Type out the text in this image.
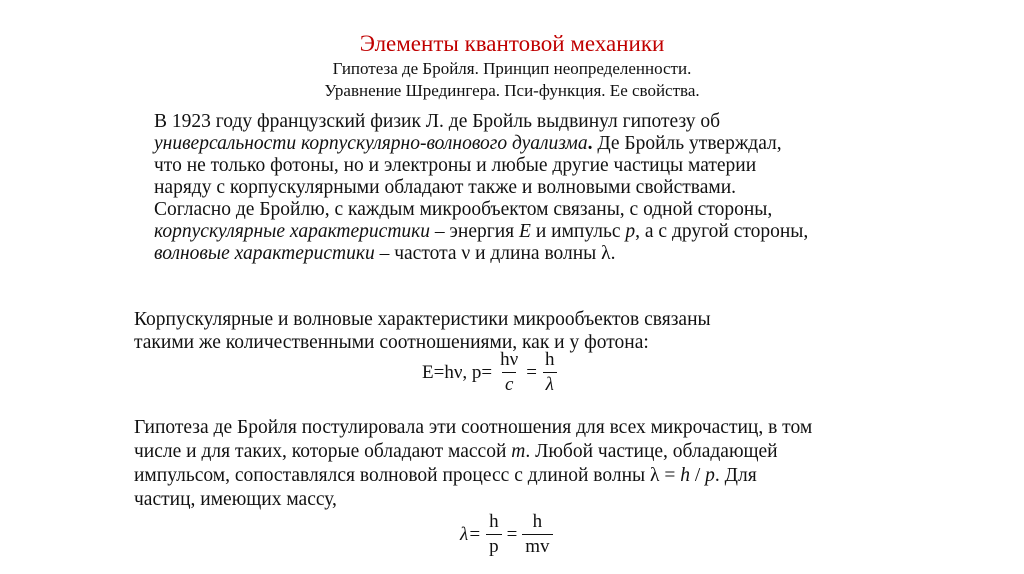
Элементы квантовой механики
Гипотеза де Бройля. Принцип неопределенности.
Уравнение Шредингера. Пси-функция. Ее свойства.
В 1923 году французский физик Л. де Бройль выдвинул гипотезу об
универсальности корпускулярно-волнового дуализма. Де Бройль утверждал,
что не только фотоны, но и электроны и любые другие частицы материи
наряду с корпускулярными обладают также и волновыми свойствами.
Согласно де Бройлю, с каждым микрообъектом связаны, с одной стороны,
корпускулярные характеристики – энергия E и импульс p, а с другой стороны,
волновые характеристики – частота ν и длина волны λ.
Корпускулярные и волновые характеристики микрообъектов связаны
такими же количественными соотношениями, как и у фотона:
E=hν, $p= \frac{h\nu}{c} = \frac{h}{\lambda}$
Гипотеза де Бройля постулировала эти соотношения для всех микрочастиц, в том
числе и для таких, которые обладают массой m. Любой частице, обладающей
импульсом, сопоставлялся волновой процесс с длиной волны λ = h / p. Для
частиц, имеющих массу,
$\lambda= \frac{h}{p} = \frac{h}{mv}$
